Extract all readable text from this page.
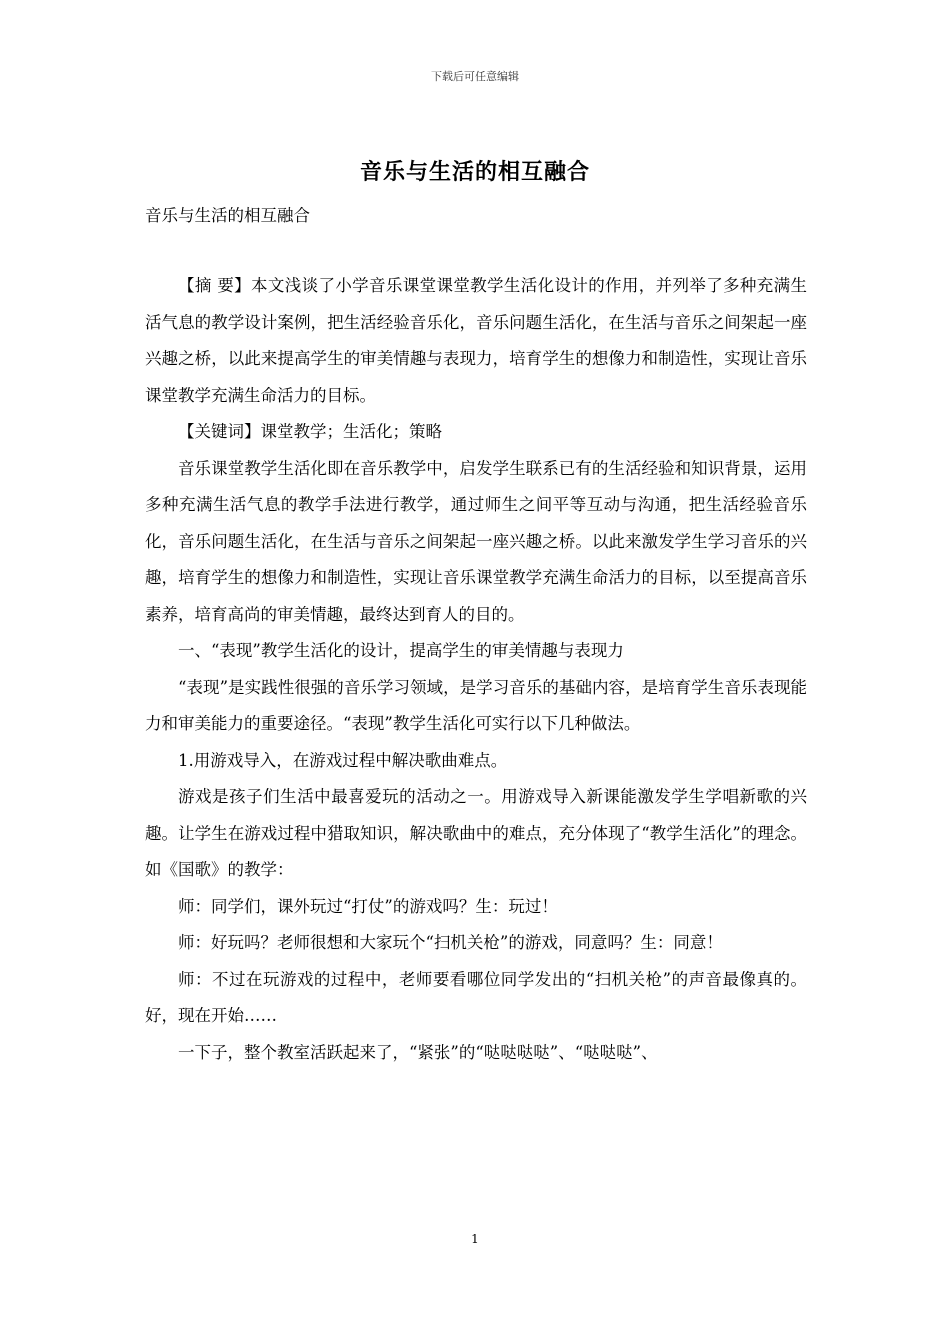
下载后可任意编辑
音乐与生活的相互融合
音乐与生活的相互融合

【摘 要】本文浅谈了小学音乐课堂课堂教学生活化设计的作用，并列举了多种充满生活气息的教学设计案例，把生活经验音乐化，音乐问题生活化，在生活与音乐之间架起一座兴趣之桥，以此来提高学生的审美情趣与表现力，培育学生的想像力和制造性，实现让音乐课堂教学充满生命活力的目标。

【关键词】课堂教学；生活化；策略

音乐课堂教学生活化即在音乐教学中，启发学生联系已有的生活经验和知识背景，运用多种充满生活气息的教学手法进行教学，通过师生之间平等互动与沟通，把生活经验音乐化，音乐问题生活化，在生活与音乐之间架起一座兴趣之桥。以此来激发学生学习音乐的兴趣，培育学生的想像力和制造性，实现让音乐课堂教学充满生命活力的目标，以至提高音乐素养，培育高尚的审美情趣，最终达到育人的目的。

一、“表现”教学生活化的设计，提高学生的审美情趣与表现力

“表现”是实践性很强的音乐学习领域，是学习音乐的基础内容，是培育学生音乐表现能力和审美能力的重要途径。“表现”教学生活化可实行以下几种做法。

1.用游戏导入，在游戏过程中解决歌曲难点。

游戏是孩子们生活中最喜爱玩的活动之一。用游戏导入新课能激发学生学唱新歌的兴趣。让学生在游戏过程中猎取知识，解决歌曲中的难点，充分体现了“教学生活化”的理念。如《国歌》的教学：

师：同学们，课外玩过“打仗”的游戏吗？生：玩过！

师：好玩吗？老师很想和大家玩个“扫机关枪”的游戏，同意吗？生：同意！

师：不过在玩游戏的过程中，老师要看哪位同学发出的“扫机关枪”的声音最像真的。好，现在开始……

一下子，整个教室活跃起来了，“紧张”的“哒哒哒哒”、“哒哒哒”、

1
